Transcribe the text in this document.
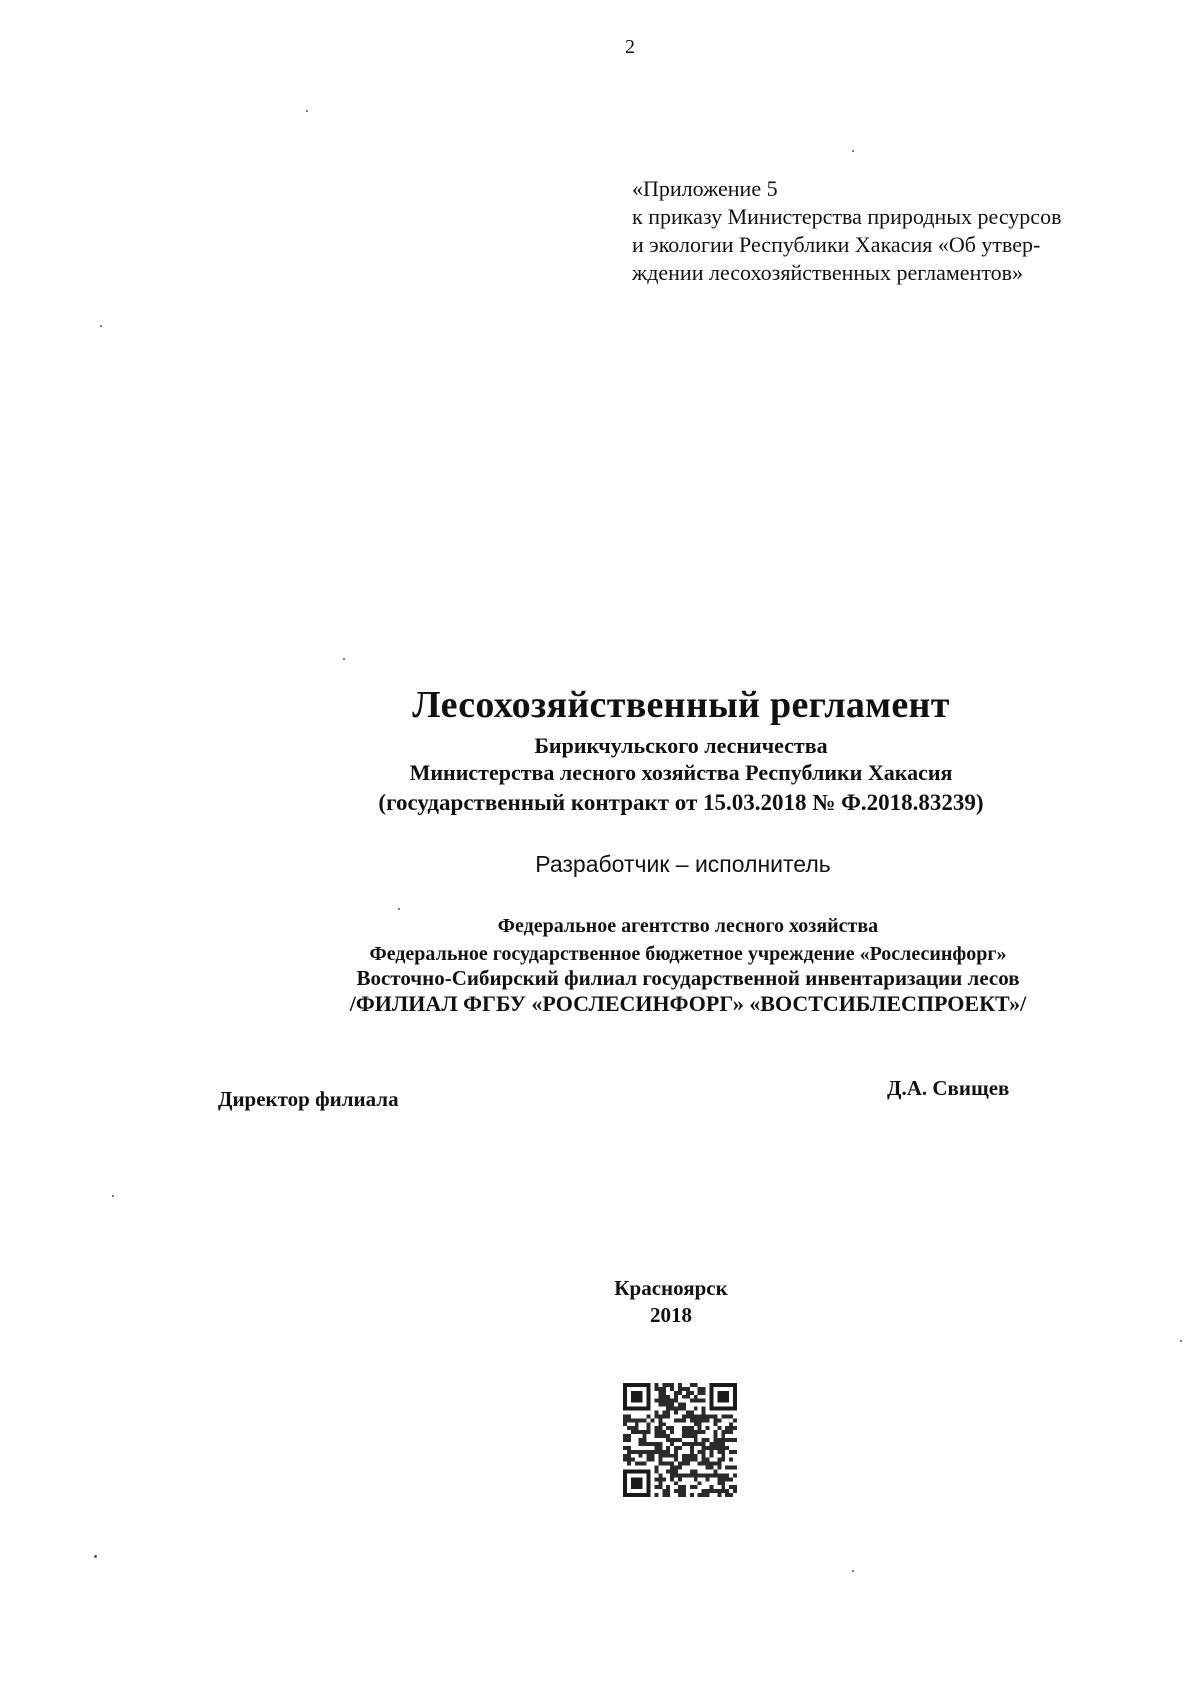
2
«Приложение 5
к приказу Министерства природных ресурсов
и экологии Республики Хакасия «Об утвер-
ждении лесохозяйственных регламентов»
Лесохозяйственный регламент
Бирикчульского лесничества
Министерства лесного хозяйства Республики Хакасия
(государственный контракт от 15.03.2018 № Ф.2018.83239)
Разработчик – исполнитель
Федеральное агентство лесного хозяйства
Федеральное государственное бюджетное учреждение «Рослесинфорг»
Восточно-Сибирский филиал государственной инвентаризации лесов
/ФИЛИАЛ ФГБУ «РОСЛЕСИНФОРГ» «ВОСТСИБЛЕСПРОЕКТ»/
Директор филиала	Д.А. Свищев
Красноярск
2018
